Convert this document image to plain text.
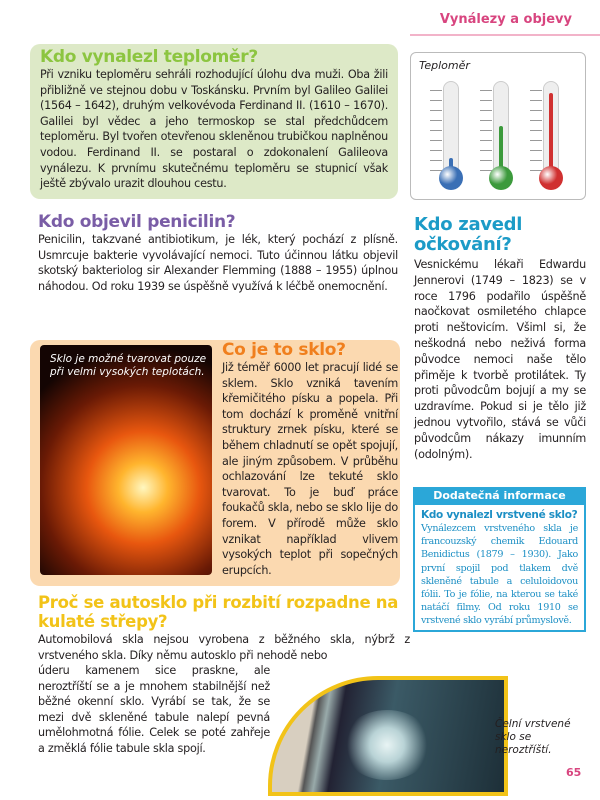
Vynálezy a objevy
Kdo vynalezl teploměr?

Při vzniku teploměru sehráli rozhodující úlohu dva muži. Oba žili přibližně ve stejnou dobu v Toskánsku. Prvním byl Galileo Galilei (1564 – 1642), druhým velkovévoda Ferdinand II. (1610 – 1670). Galilei byl vědec a jeho termoskop se stal předchůdcem teploměru. Byl tvořen otevřenou skleněnou trubičkou naplněnou vodou. Ferdinand II. se postaral o zdokonalení Galileova vynálezu. K prvnímu skutečnému teploměru se stupnicí však ještě zbývalo urazit dlouhou cestu.

Teploměr
Kdo objevil penicilin?

Penicilin, takzvané antibiotikum, je lék, který pochází z plísně. Usmrcuje bakterie vyvolávající nemoci. Tuto účinnou látku objevil skotský bakteriolog sir Alexander Flemming (1888 – 1955) úplnou náhodou. Od roku 1939 se úspěšně využívá k léčbě onemocnění.

Sklo je možné tvarovat pouze při velmi vysokých teplotách.
Co je to sklo?

Již téměř 6000 let pracují lidé se sklem. Sklo vzniká tavením křemičitého písku a popela. Při tom dochází k proměně vnitřní struktury zrnek písku, které se během chladnutí se opět spojují, ale jiným způsobem. V průběhu ochlazování lze tekuté sklo tvarovat. To je buď práce foukačů skla, nebo se sklo lije do forem. V přírodě může sklo vznikat například vlivem vysokých teplot při sopečných erupcích.

Kdo zavedl očkování?

Vesnickému lékaři Edwardu Jennerovi (1749 – 1823) se v roce 1796 podařilo úspěšně naočkovat osmiletého chlapce proti neštovicím. Všiml si, že neškodná nebo neživá forma původce nemoci naše tělo přiměje k tvorbě protilátek. Ty proti původcům bojují a my se uzdravíme. Pokud si je tělo již jednou vytvořilo, stává se vůči původcům nákazy imunním (odolným).

Dodatečná informace
Kdo vynalezl vrstvené sklo?

Vynálezcem vrstveného skla je francouzský chemik Edouard Benidictus (1879 – 1930). Jako první spojil pod tlakem dvě skleněné tabule a celuloidovou fólii. To je fólie, na kterou se také natáčí filmy. Od roku 1910 se vrstvené sklo vyrábí průmyslově.

Proč se autosklo při rozbití rozpadne na kulaté střepy?

Automobilová skla nejsou vyrobena z běžného skla, nýbrž z vrstveného skla. Díky němu autosklo při nehodě nebo

úderu kamenem sice praskne, ale neroztříští se a je mnohem stabilnější než běžné okenní sklo. Vyrábí se tak, že se mezi dvě skleněné tabule nalepí pevná umělohmotná fólie. Celek se poté zahřeje a změklá fólie tabule skla spojí.

Čelní vrstvené sklo se neroztříští.
65
